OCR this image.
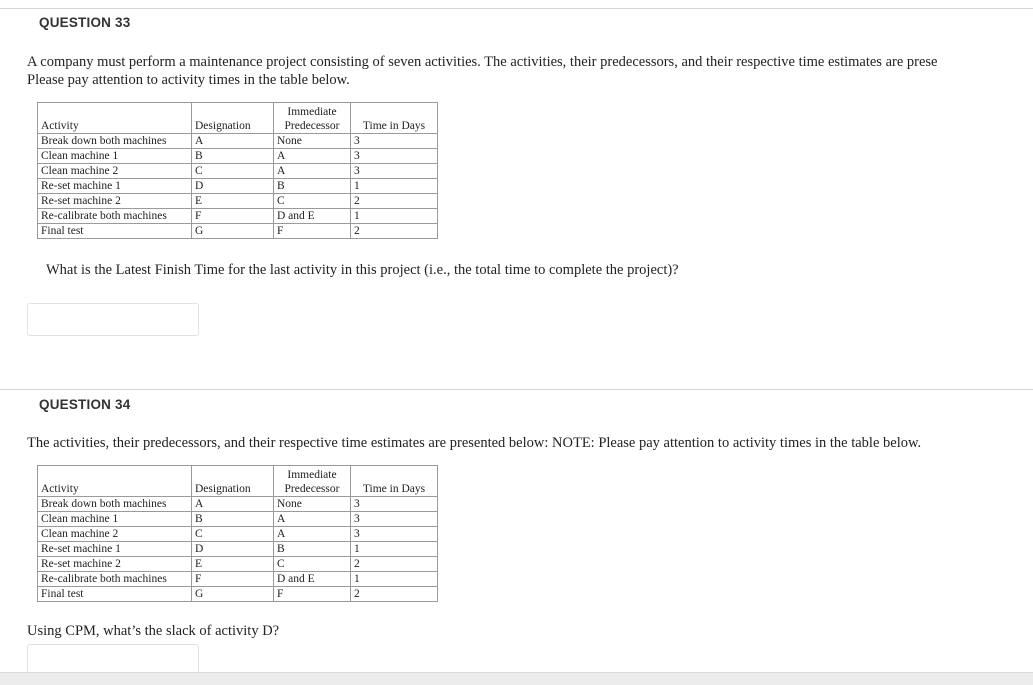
QUESTION 33
A company must perform a maintenance project consisting of seven activities. The activities, their predecessors, and their respective time estimates are prese
Please pay attention to activity times in the table below.
Activity	Designation	Immediate
Predecessor	Time in Days
Break down both machines	A	None	3
Clean machine 1	B	A	3
Clean machine 2	C	A	3
Re-set machine 1	D	B	1
Re-set machine 2	E	C	2
Re-calibrate both machines	F	D and E	1
Final test	G	F	2
What is the Latest Finish Time for the last activity in this project (i.e., the total time to complete the project)?
QUESTION 34
The activities, their predecessors, and their respective time estimates are presented below: NOTE: Please pay attention to activity times in the table below.
Activity	Designation	Immediate
Predecessor	Time in Days
Break down both machines	A	None	3
Clean machine 1	B	A	3
Clean machine 2	C	A	3
Re-set machine 1	D	B	1
Re-set machine 2	E	C	2
Re-calibrate both machines	F	D and E	1
Final test	G	F	2
Using CPM, what’s the slack of activity D?
